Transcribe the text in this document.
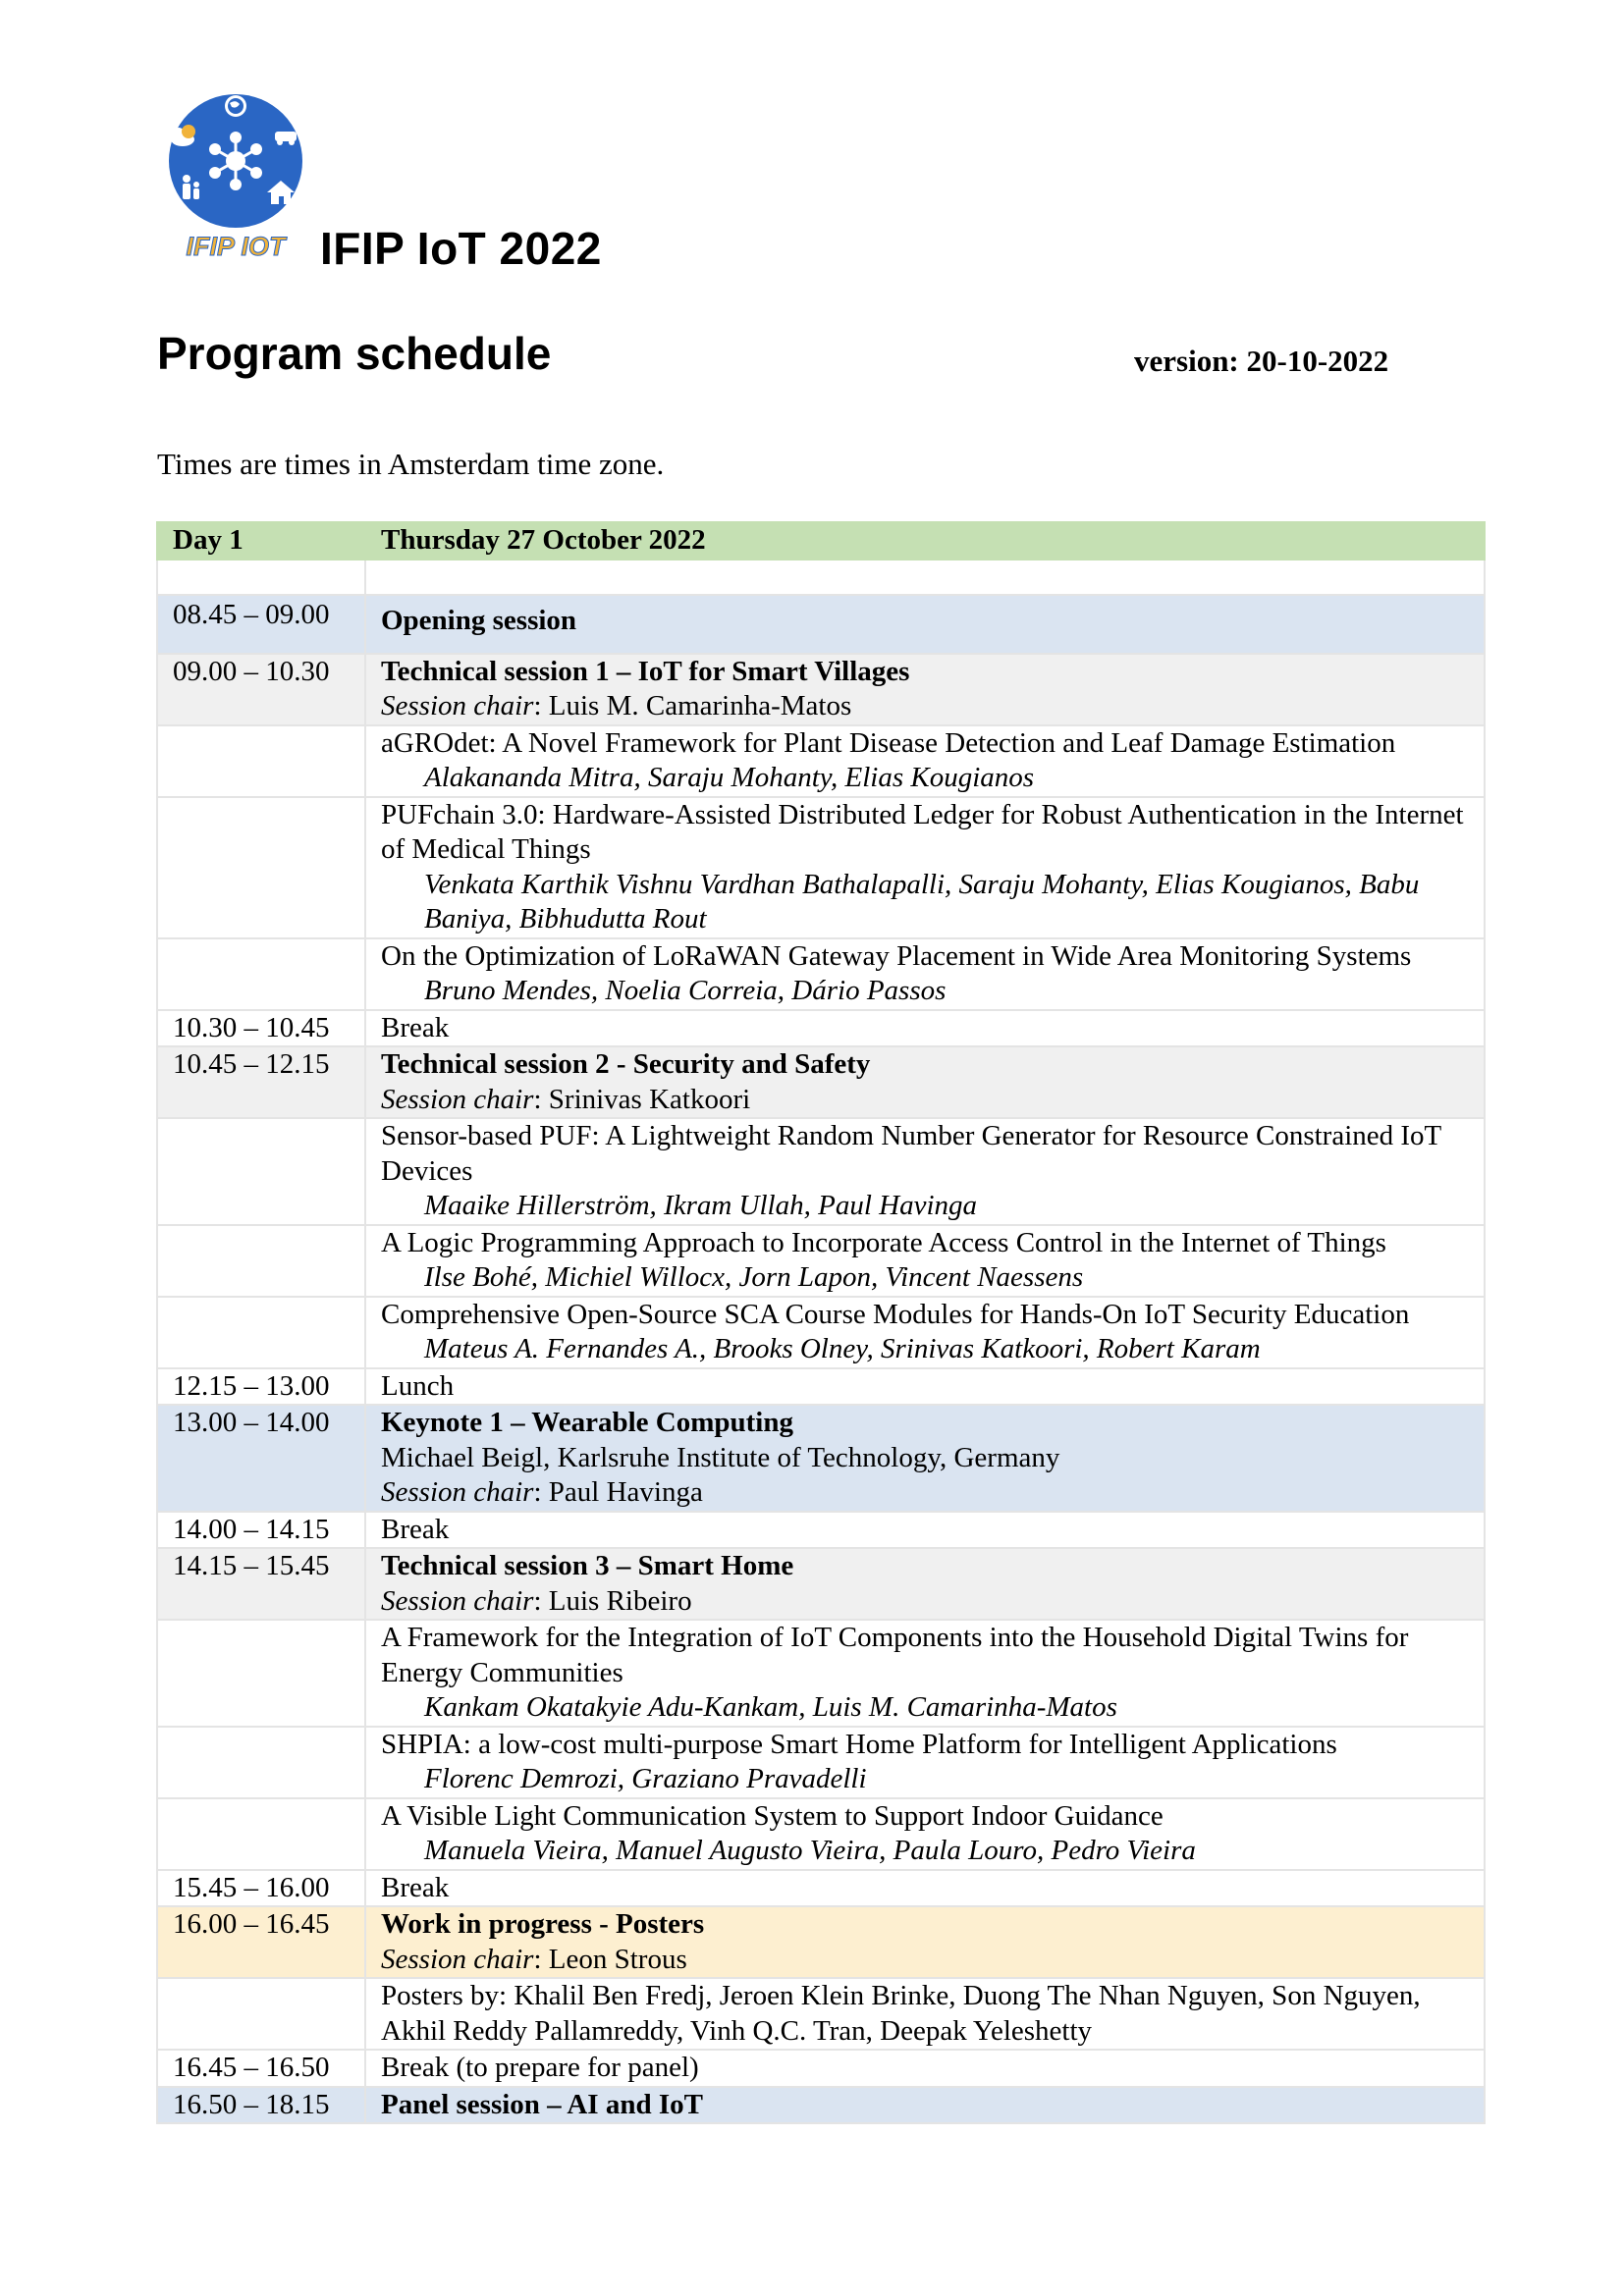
IFIP IOT IFIP IoT 2022
Program schedule	version: 20-10-2022
Times are times in Amsterdam time zone.
Day 1	Thursday 27 October 2022

08.45 – 09.00	Opening session
09.00 – 10.30	Technical session 1 – IoT for Smart Villages
Session chair: Luis M. Camarinha-Matos
	aGROdet: A Novel Framework for Plant Disease Detection and Leaf Damage Estimation
Alakananda Mitra, Saraju Mohanty, Elias Kougianos

	PUFchain 3.0: Hardware-Assisted Distributed Ledger for Robust Authentication in the Internet of Medical Things
Venkata Karthik Vishnu Vardhan Bathalapalli, Saraju Mohanty, Elias Kougianos, Babu Baniya, Bibhudutta Rout

	On the Optimization of LoRaWAN Gateway Placement in Wide Area Monitoring Systems
Bruno Mendes, Noelia Correia, Dário Passos

10.30 – 10.45	Break
10.45 – 12.15	Technical session 2 - Security and Safety
Session chair: Srinivas Katkoori
	Sensor-based PUF: A Lightweight Random Number Generator for Resource Constrained IoT Devices
Maaike Hillerström, Ikram Ullah, Paul Havinga

	A Logic Programming Approach to Incorporate Access Control in the Internet of Things
Ilse Bohé, Michiel Willocx, Jorn Lapon, Vincent Naessens

	Comprehensive Open-Source SCA Course Modules for Hands-On IoT Security Education
Mateus A. Fernandes A., Brooks Olney, Srinivas Katkoori, Robert Karam

12.15 – 13.00	Lunch
13.00 – 14.00	Keynote 1 – Wearable Computing
Michael Beigl, Karlsruhe Institute of Technology, Germany
Session chair: Paul Havinga
14.00 – 14.15	Break
14.15 – 15.45	Technical session 3 – Smart Home
Session chair: Luis Ribeiro
	A Framework for the Integration of IoT Components into the Household Digital Twins for Energy Communities
Kankam Okatakyie Adu-Kankam, Luis M. Camarinha-Matos

	SHPIA: a low-cost multi-purpose Smart Home Platform for Intelligent Applications
Florenc Demrozi, Graziano Pravadelli

	A Visible Light Communication System to Support Indoor Guidance
Manuela Vieira, Manuel Augusto Vieira, Paula Louro, Pedro Vieira

15.45 – 16.00	Break
16.00 – 16.45	Work in progress - Posters
Session chair: Leon Strous
	Posters by: Khalil Ben Fredj, Jeroen Klein Brinke, Duong The Nhan Nguyen, Son Nguyen, Akhil Reddy Pallamreddy, Vinh Q.C. Tran, Deepak Yeleshetty
16.45 – 16.50	Break (to prepare for panel)
16.50 – 18.15	Panel session – AI and IoT
